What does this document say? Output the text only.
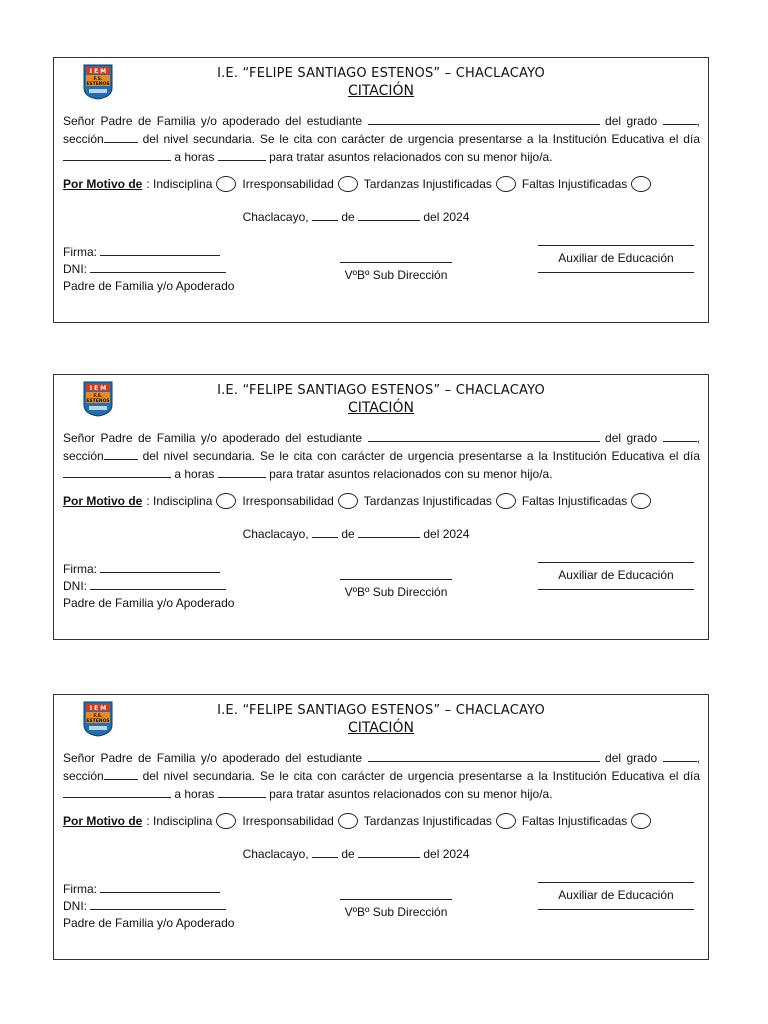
I E M
F.S.
ESTENOS
I.E. “FELIPE SANTIAGO ESTENOS” – CHACLACAYO
CITACIÓN
Señor Padre de Familia y/o apoderado del estudiante	del grado	, sección	del nivel secundaria. Se le cita con carácter de urgencia presentarse a la Institución Educativa el día  a horas	para tratar asuntos relacionados con su menor hijo/a.
Por Motivo de :
Indisciplina	Irresponsabilidad	Tardanzas Injustificadas	Faltas Injustificadas
Chaclacayo,	de	del 2024
Firma:
DNI:
Padre de Familia y/o Apoderado
VºBº Sub Dirección
Auxiliar de Educación
I E M
F.S.
ESTENOS
I.E. “FELIPE SANTIAGO ESTENOS” – CHACLACAYO
CITACIÓN
Señor Padre de Familia y/o apoderado del estudiante	del grado	, sección	del nivel secundaria. Se le cita con carácter de urgencia presentarse a la Institución Educativa el día  a horas	para tratar asuntos relacionados con su menor hijo/a.
Por Motivo de :
Indisciplina	Irresponsabilidad	Tardanzas Injustificadas	Faltas Injustificadas
Chaclacayo,	de	del 2024
Firma:
DNI:
Padre de Familia y/o Apoderado
VºBº Sub Dirección
Auxiliar de Educación
I E M
F.S.
ESTENOS
I.E. “FELIPE SANTIAGO ESTENOS” – CHACLACAYO
CITACIÓN
Señor Padre de Familia y/o apoderado del estudiante	del grado	, sección	del nivel secundaria. Se le cita con carácter de urgencia presentarse a la Institución Educativa el día  a horas	para tratar asuntos relacionados con su menor hijo/a.
Por Motivo de :
Indisciplina	Irresponsabilidad	Tardanzas Injustificadas	Faltas Injustificadas
Chaclacayo,	de	del 2024
Firma:
DNI:
Padre de Familia y/o Apoderado
VºBº Sub Dirección
Auxiliar de Educación
